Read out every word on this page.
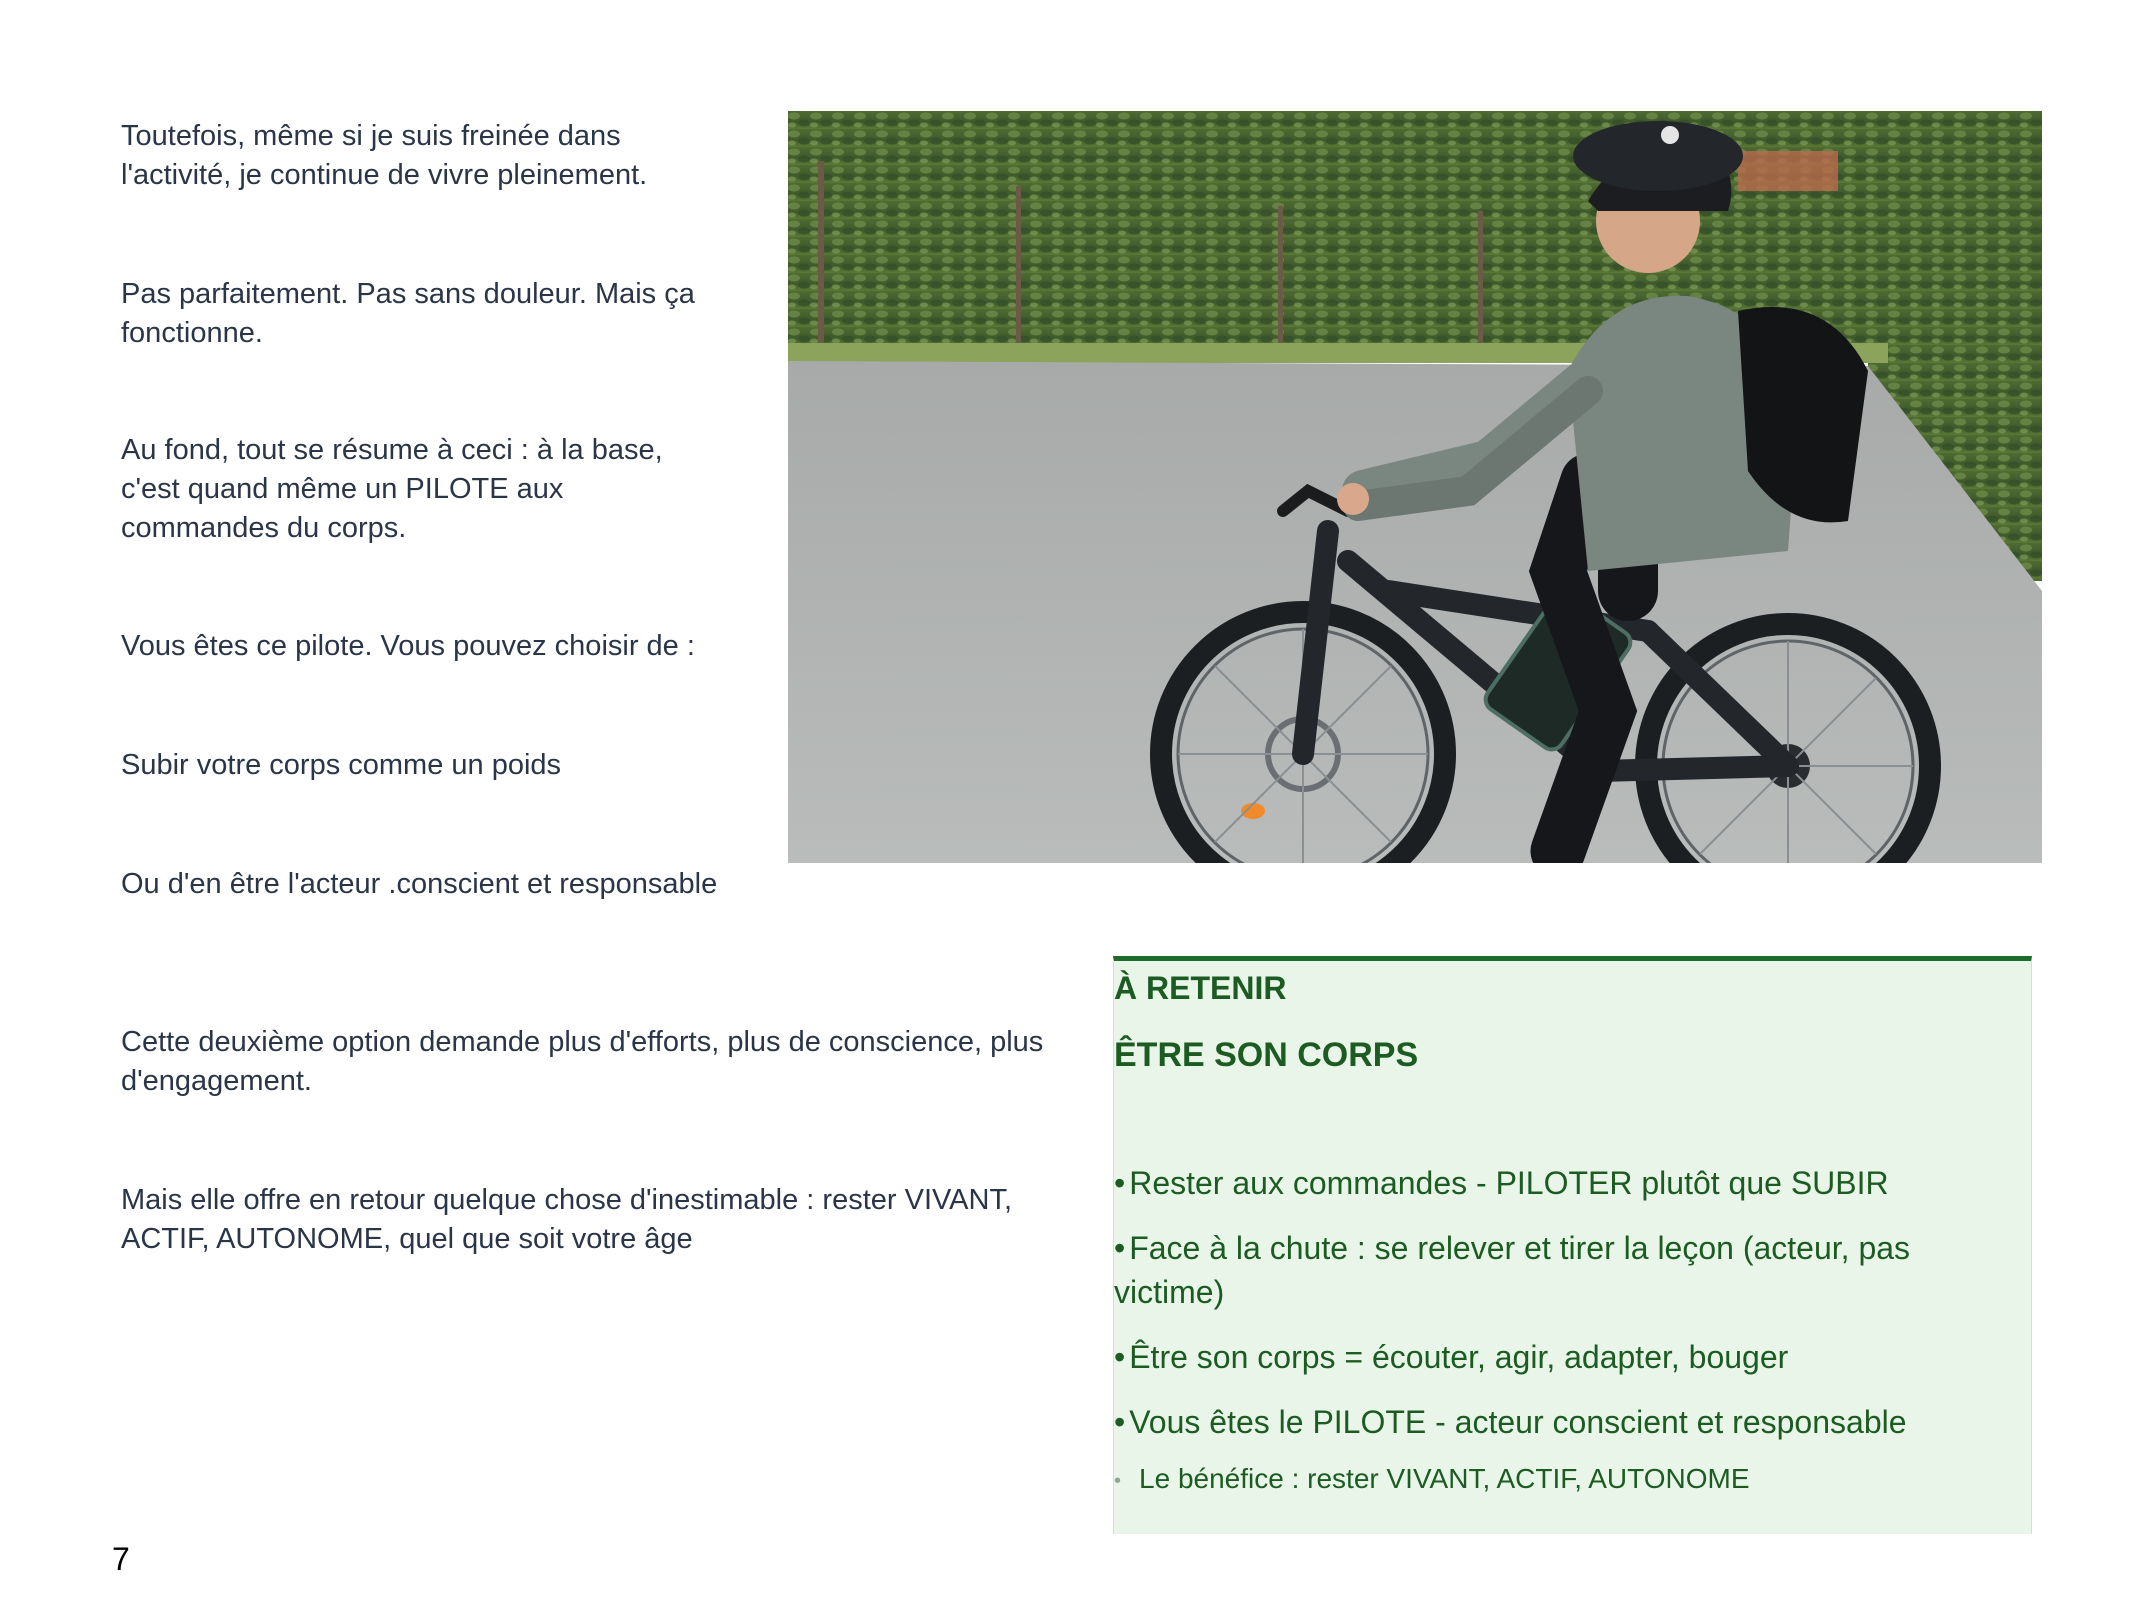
Toutefois, même si je suis freinée dans l'activité, je continue de vivre pleinement.

Pas parfaitement. Pas sans douleur. Mais ça fonctionne.

Au fond, tout se résume à ceci : à la base, c'est quand même un PILOTE aux commandes du corps.

Vous êtes ce pilote. Vous pouvez choisir de :

Subir votre corps comme un poids

Ou d'en être l'acteur .conscient et responsable

Cette deuxième option demande plus d'efforts, plus de conscience, plus d'engagement.

Mais elle offre en retour quelque chose d'inestimable : rester VIVANT, ACTIF, AUTONOME, quel que soit votre âge

À RETENIR

ÊTRE SON CORPS

• Rester aux commandes - PILOTER plutôt que SUBIR
• Face à la chute : se relever et tirer la leçon (acteur, pas victime)
• Être son corps = écouter, agir, adapter, bouger
• Vous êtes le PILOTE - acteur conscient et responsable

• Le bénéfice : rester VIVANT, ACTIF, AUTONOME

7
